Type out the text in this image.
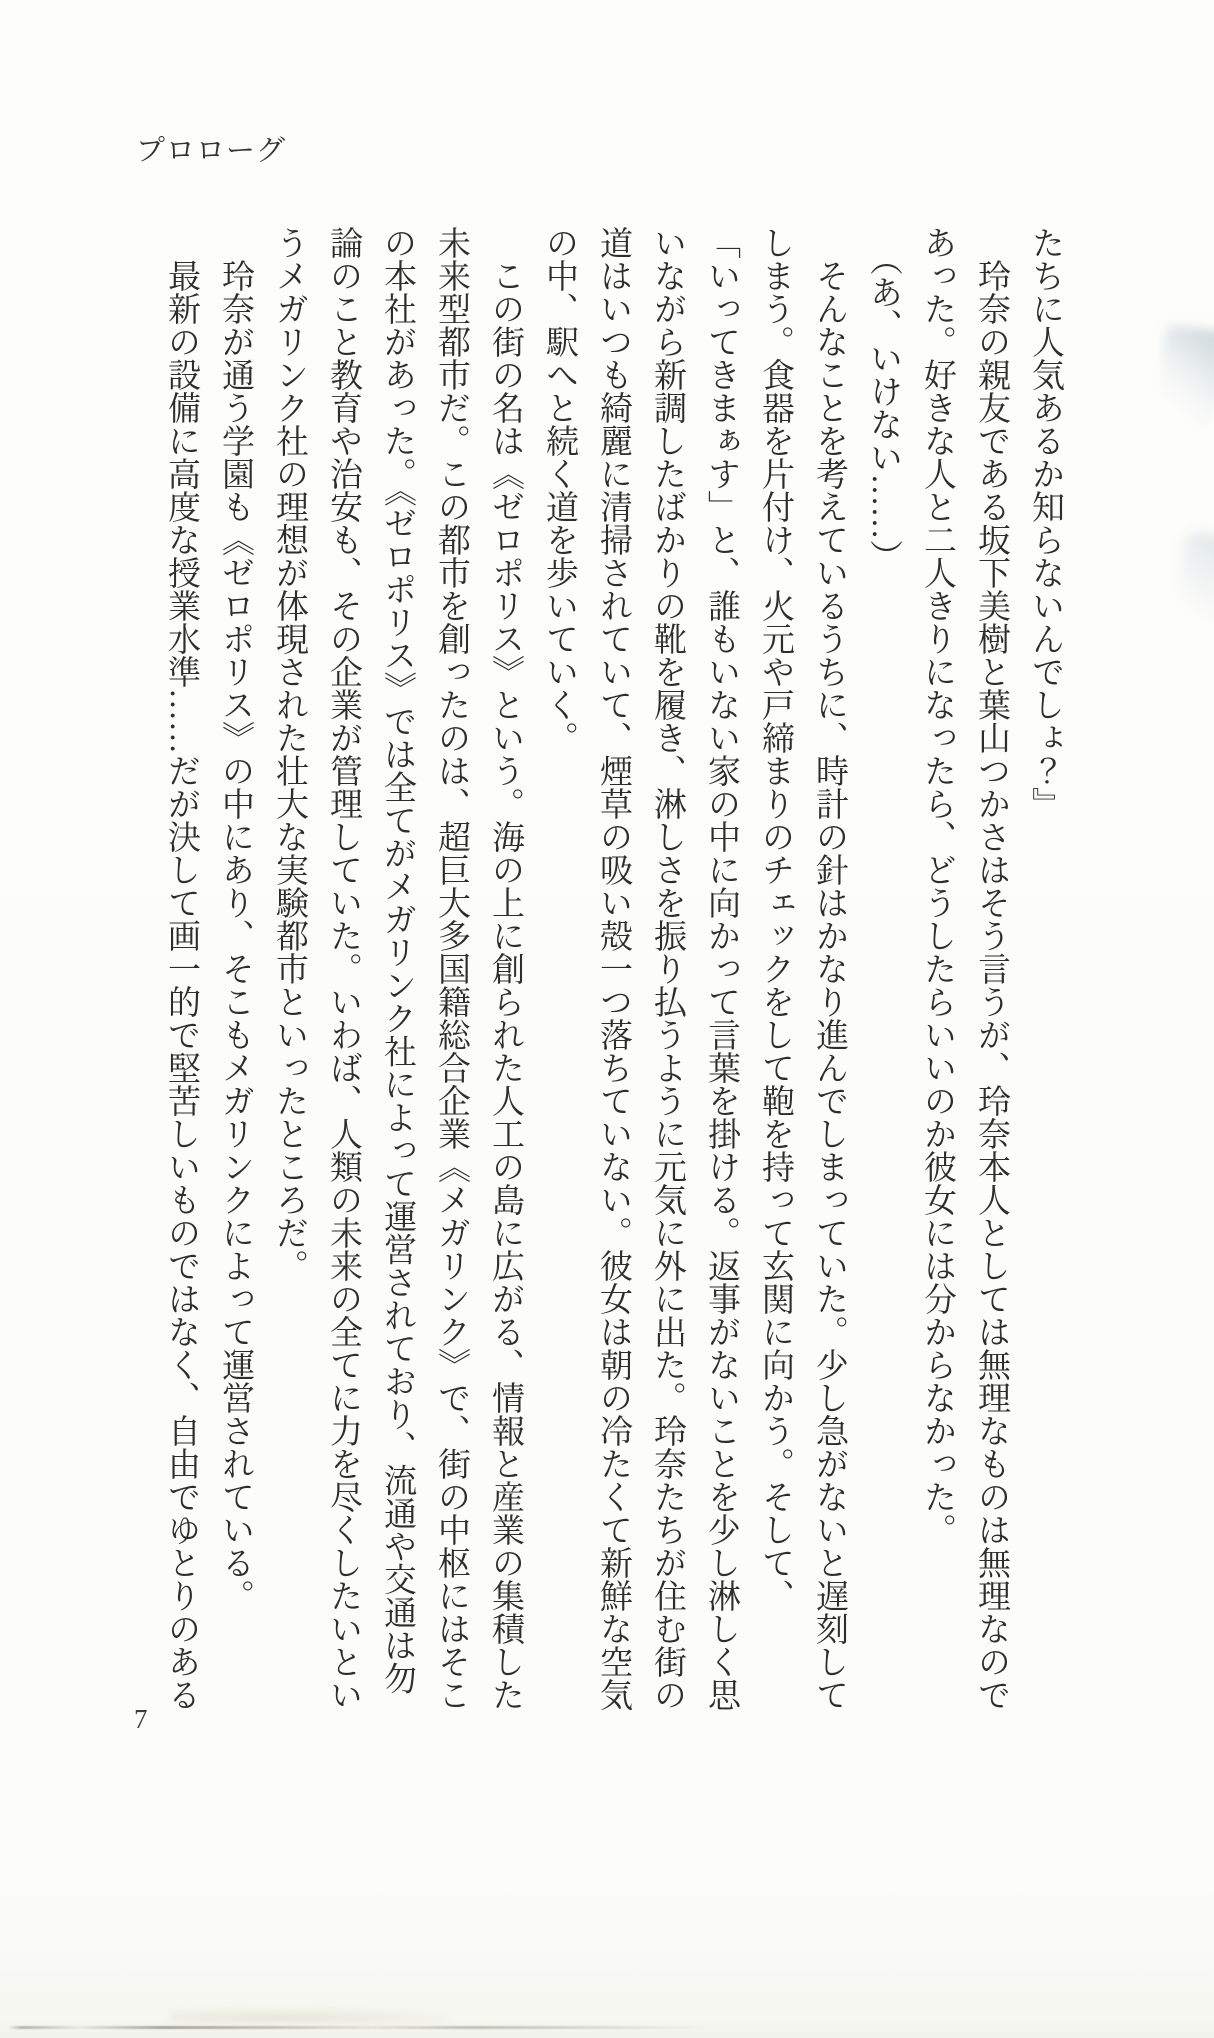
プロローグ
たちに人気あるか知らないんでしょ？』
　玲奈の親友である坂下美樹と葉山つかさはそう言うが、玲奈本人としては無理なものは無理なので
あった。好きな人と二人きりになったら、どうしたらいいのか彼女には分からなかった。
　（あ、いけない……）
　そんなことを考えているうちに、時計の針はかなり進んでしまっていた。少し急がないと遅刻して
しまう。食器を片付け、火元や戸締まりのチェックをして鞄を持って玄関に向かう。そして、
「いってきまぁす」と、誰もいない家の中に向かって言葉を掛ける。返事がないことを少し淋しく思
いながら新調したばかりの靴を履き、淋しさを振り払うように元気に外に出た。玲奈たちが住む街の
道はいつも綺麗に清掃されていて、煙草の吸い殻一つ落ちていない。彼女は朝の冷たくて新鮮な空気
の中、駅へと続く道を歩いていく。
　この街の名は《ゼロポリス》という。海の上に創られた人工の島に広がる、情報と産業の集積した
未来型都市だ。この都市を創ったのは、超巨大多国籍総合企業《メガリンク》で、街の中枢にはそこ
の本社があった。《ゼロポリス》では全てがメガリンク社によって運営されており、流通や交通は勿
論のこと教育や治安も、その企業が管理していた。いわば、人類の未来の全てに力を尽くしたいとい
うメガリンク社の理想が体現された壮大な実験都市といったところだ。
　玲奈が通う学園も《ゼロポリス》の中にあり、そこもメガリンクによって運営されている。
　最新の設備に高度な授業水準……だが決して画一的で堅苦しいものではなく、自由でゆとりのある
7
